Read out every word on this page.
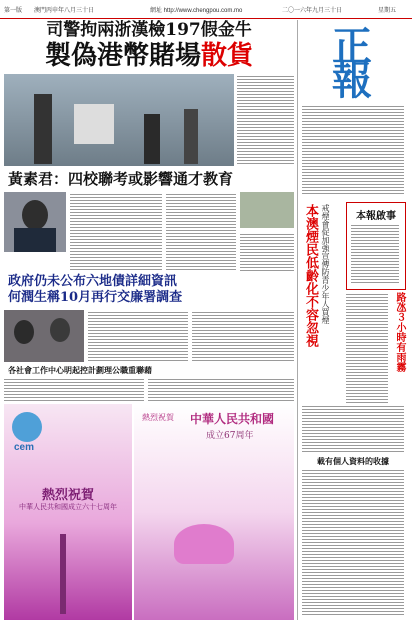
第一版 澳門丙申年八月三十日	網址 http://www.chengpou.com.mo	二〇一六年九月三十日	星期五
司警拘兩浙漢檢197假金牛
製偽港幣賭場散貨
黃素君：四校聯考或影響通才教育
政府仍未公布六地債詳細資訊
何潤生稱10月再行交廉署調查
各社會工作中心明起控計劃理公職重聯藉
cem
熱烈祝賀
中華人民共和國成立六十七周年
熱烈祝賀 中華人民共和國
成立67周年
正報
本報啟事
本澳煙民低齡化不容忽視 戒煙會促加強宣傳防青少年人買煙
路氹３小時有雨霧
載有個人資料的收據
